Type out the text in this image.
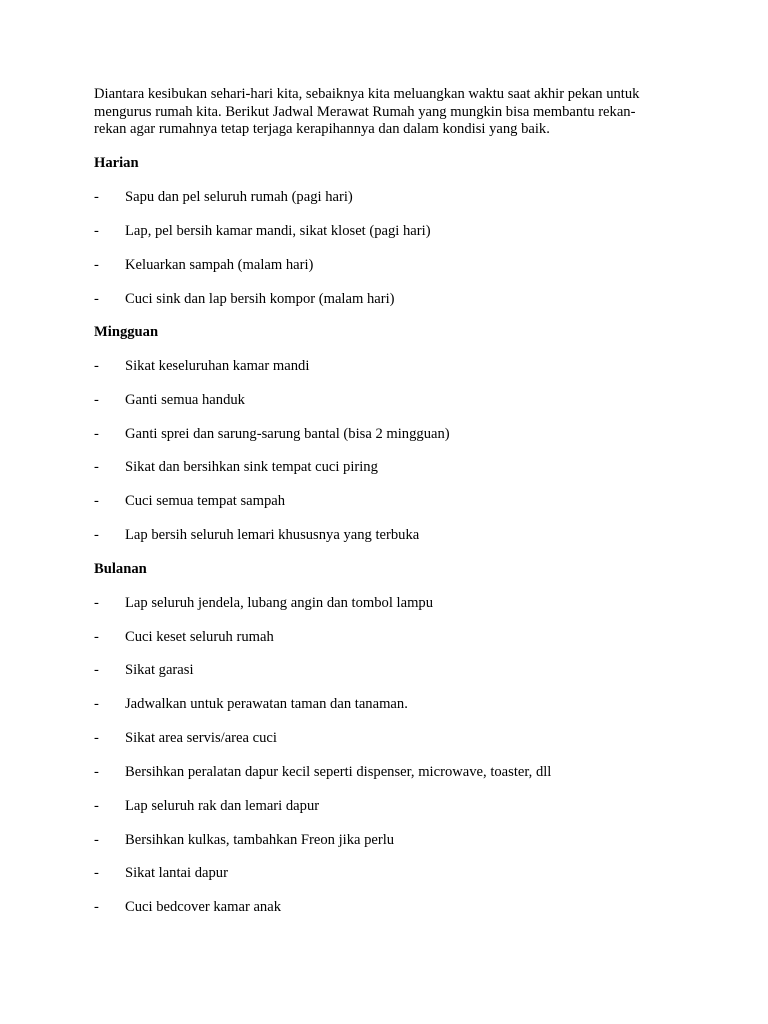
Diantara kesibukan sehari-hari kita, sebaiknya kita meluangkan waktu saat akhir pekan untuk
mengurus rumah kita. Berikut Jadwal Merawat Rumah yang mungkin bisa membantu rekan-
rekan agar rumahnya tetap terjaga kerapihannya dan dalam kondisi yang baik.

Harian

-	Sapu dan pel seluruh rumah (pagi hari)
-	Lap, pel bersih kamar mandi, sikat kloset (pagi hari)
-	Keluarkan sampah (malam hari)
-	Cuci sink dan lap bersih kompor (malam hari)

Mingguan

-	Sikat keseluruhan kamar mandi
-	Ganti semua handuk
-	Ganti sprei dan sarung-sarung bantal (bisa 2 mingguan)
-	Sikat dan bersihkan sink tempat cuci piring
-	Cuci semua tempat sampah
-	Lap bersih seluruh lemari khususnya yang terbuka

Bulanan

-	Lap seluruh jendela, lubang angin dan tombol lampu
-	Cuci keset seluruh rumah
-	Sikat garasi
-	Jadwalkan untuk perawatan taman dan tanaman.
-	Sikat area servis/area cuci
-	Bersihkan peralatan dapur kecil seperti dispenser, microwave, toaster, dll
-	Lap seluruh rak dan lemari dapur
-	Bersihkan kulkas, tambahkan Freon jika perlu
-	Sikat lantai dapur
-	Cuci bedcover kamar anak
